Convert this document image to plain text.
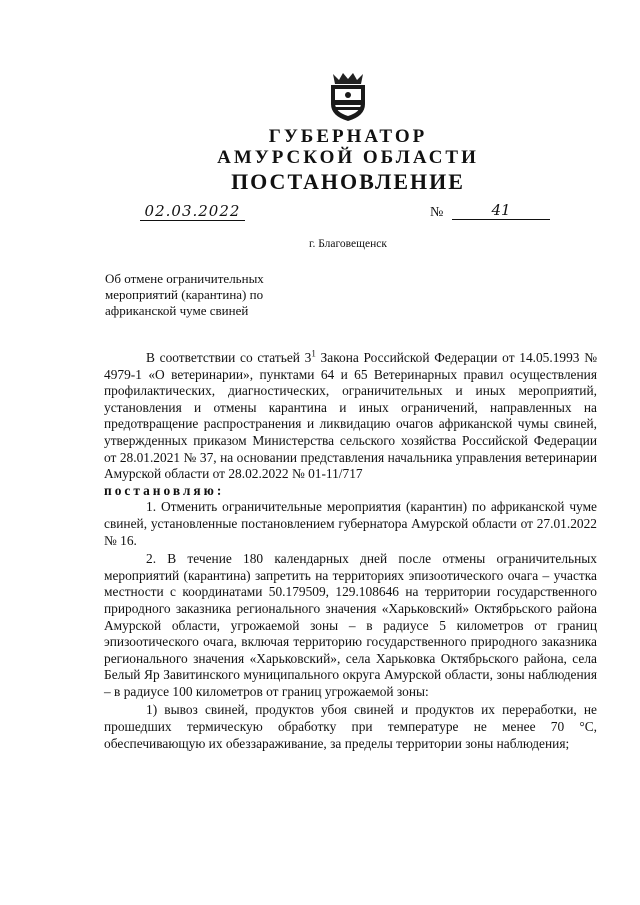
ГУБЕРНАТОР
АМУРСКОЙ ОБЛАСТИ
ПОСТАНОВЛЕНИЕ
02.03.2022	№	41
г. Благовещенск
Об отмене ограничительных мероприятий (карантина) по африканской чуме свиней

В соответствии со статьей $3^1$ Закона Российской Федерации от 14.05.1993 № 4979-1 «О ветеринарии», пунктами 64 и 65 Ветеринарных правил осуществления профилактических, диагностических, ограничительных и иных мероприятий, установления и отмены карантина и иных ограничений, направленных на предотвращение распространения и ликвидацию очагов африканской чумы свиней, утвержденных приказом Министерства сельского хозяйства Российской Федерации от 28.01.2021 № 37, на основании представления начальника управления ветеринарии Амурской области от 28.02.2022 № 01-11/717

постановляю:

1. Отменить ограничительные мероприятия (карантин) по африканской чуме свиней, установленные постановлением губернатора Амурской области от 27.01.2022 № 16.

2. В течение 180 календарных дней после отмены ограничительных мероприятий (карантина) запретить на территориях эпизоотического очага – участка местности с координатами 50.179509, 129.108646 на территории государственного природного заказника регионального значения «Харьковский» Октябрьского района Амурской области, угрожаемой зоны – в радиусе 5 километров от границ эпизоотического очага, включая территорию государственного природного заказника регионального значения «Харьковский», села Харьковка Октябрьского района, села Белый Яр Завитинского муниципального округа Амурской области, зоны наблюдения – в радиусе 100 километров от границ угрожаемой зоны:

1) вывоз свиней, продуктов убоя свиней и продуктов их переработки, не прошедших термическую обработку при температуре не менее 70 °С, обеспечивающую их обеззараживание, за пределы территории зоны наблюдения;
